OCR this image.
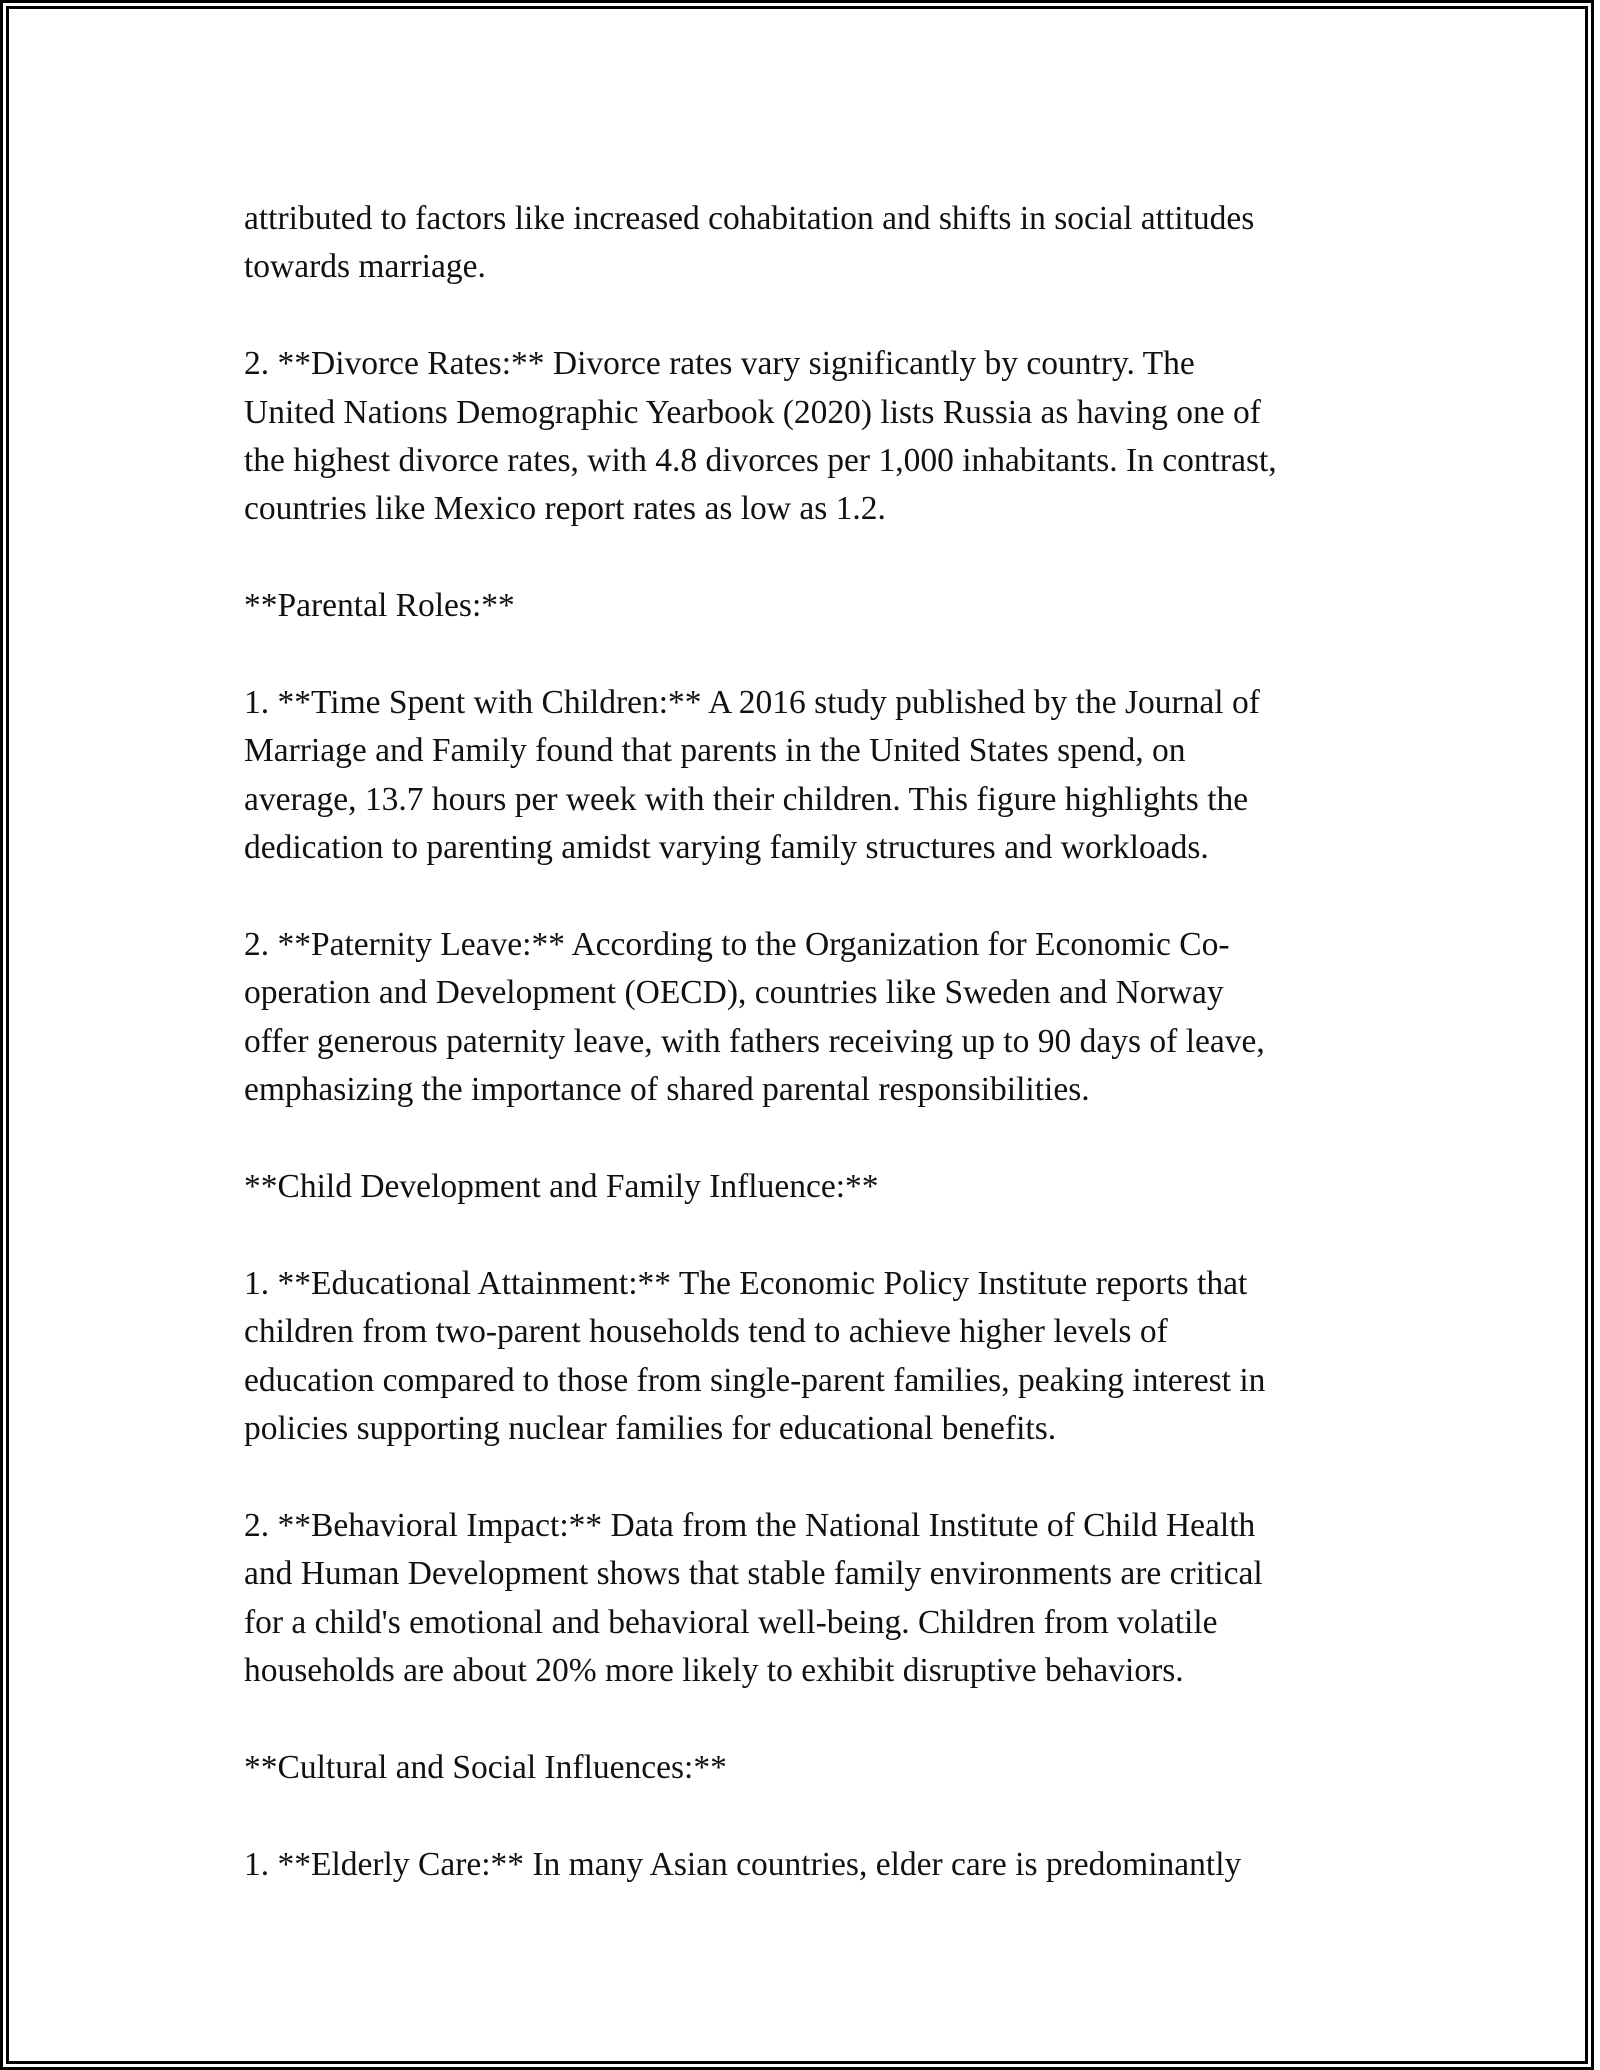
attributed to factors like increased cohabitation and shifts in social attitudes
towards marriage.

2. **Divorce Rates:** Divorce rates vary significantly by country. The
United Nations Demographic Yearbook (2020) lists Russia as having one of
the highest divorce rates, with 4.8 divorces per 1,000 inhabitants. In contrast,
countries like Mexico report rates as low as 1.2.

**Parental Roles:**

1. **Time Spent with Children:** A 2016 study published by the Journal of
Marriage and Family found that parents in the United States spend, on
average, 13.7 hours per week with their children. This figure highlights the
dedication to parenting amidst varying family structures and workloads.

2. **Paternity Leave:** According to the Organization for Economic Co-
operation and Development (OECD), countries like Sweden and Norway
offer generous paternity leave, with fathers receiving up to 90 days of leave,
emphasizing the importance of shared parental responsibilities.

**Child Development and Family Influence:**

1. **Educational Attainment:** The Economic Policy Institute reports that
children from two-parent households tend to achieve higher levels of
education compared to those from single-parent families, peaking interest in
policies supporting nuclear families for educational benefits.

2. **Behavioral Impact:** Data from the National Institute of Child Health
and Human Development shows that stable family environments are critical
for a child's emotional and behavioral well-being. Children from volatile
households are about 20% more likely to exhibit disruptive behaviors.

**Cultural and Social Influences:**

1. **Elderly Care:** In many Asian countries, elder care is predominantly
